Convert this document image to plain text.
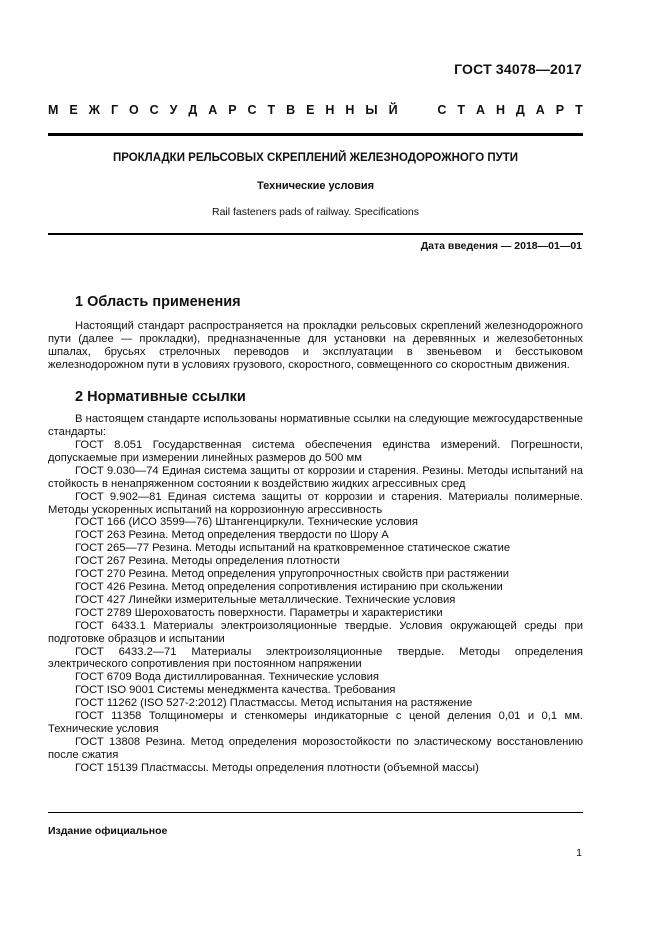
ГОСТ 34078—2017
М Е Ж Г О С У Д А Р С Т В Е Н Н Ы Й

	С Т А Н Д А Р Т
ПРОКЛАДКИ РЕЛЬСОВЫХ СКРЕПЛЕНИЙ ЖЕЛЕЗНОДОРОЖНОГО ПУТИ
Технические условия
Rail fasteners pads of railway. Specifications
Дата введения — 2018—01—01
1 Область применения

Настоящий стандарт распространяется на прокладки рельсовых скреплений железнодорожного пути (далее — прокладки), предназначенные для установки на деревянных и железобетонных шпалах, брусьях стрелочных переводов и эксплуатации в звеньевом и бесстыковом железнодорожном пути в условиях грузового, скоростного, совмещенного со скоростным движения.

2 Нормативные ссылки

В настоящем стандарте использованы нормативные ссылки на следующие межгосударственные стандарты:

ГОСТ 8.051 Государственная система обеспечения единства измерений. Погрешности, допускаемые при измерении линейных размеров до 500 мм
ГОСТ 9.030—74 Единая система защиты от коррозии и старения. Резины. Методы испытаний на стойкость в ненапряженном состоянии к воздействию жидких агрессивных сред
ГОСТ 9.902—81 Единая система защиты от коррозии и старения. Материалы полимерные. Методы ускоренных испытаний на коррозионную агрессивность
ГОСТ 166 (ИСО 3599—76) Штангенциркули. Технические условия
ГОСТ 263 Резина. Метод определения твердости по Шору А
ГОСТ 265—77 Резина. Методы испытаний на кратковременное статическое сжатие
ГОСТ 267 Резина. Методы определения плотности
ГОСТ 270 Резина. Метод определения упругопрочностных свойств при растяжении
ГОСТ 426 Резина. Метод определения сопротивления истиранию при скольжении
ГОСТ 427 Линейки измерительные металлические. Технические условия
ГОСТ 2789 Шероховатость поверхности. Параметры и характеристики
ГОСТ 6433.1 Материалы электроизоляционные твердые. Условия окружающей среды при подготовке образцов и испытании
ГОСТ 6433.2—71 Материалы электроизоляционные твердые. Методы определения электрического сопротивления при постоянном напряжении
ГОСТ 6709 Вода дистиллированная. Технические условия
ГОСТ ISO 9001 Системы менеджмента качества. Требования
ГОСТ 11262 (ISO 527-2:2012) Пластмассы. Метод испытания на растяжение
ГОСТ 11358 Толщиномеры и стенкомеры индикаторные с ценой деления 0,01 и 0,1 мм. Технические условия
ГОСТ 13808 Резина. Метод определения морозостойкости по эластическому восстановлению после сжатия
ГОСТ 15139 Пластмассы. Методы определения плотности (объемной массы)
Издание официальное
1
